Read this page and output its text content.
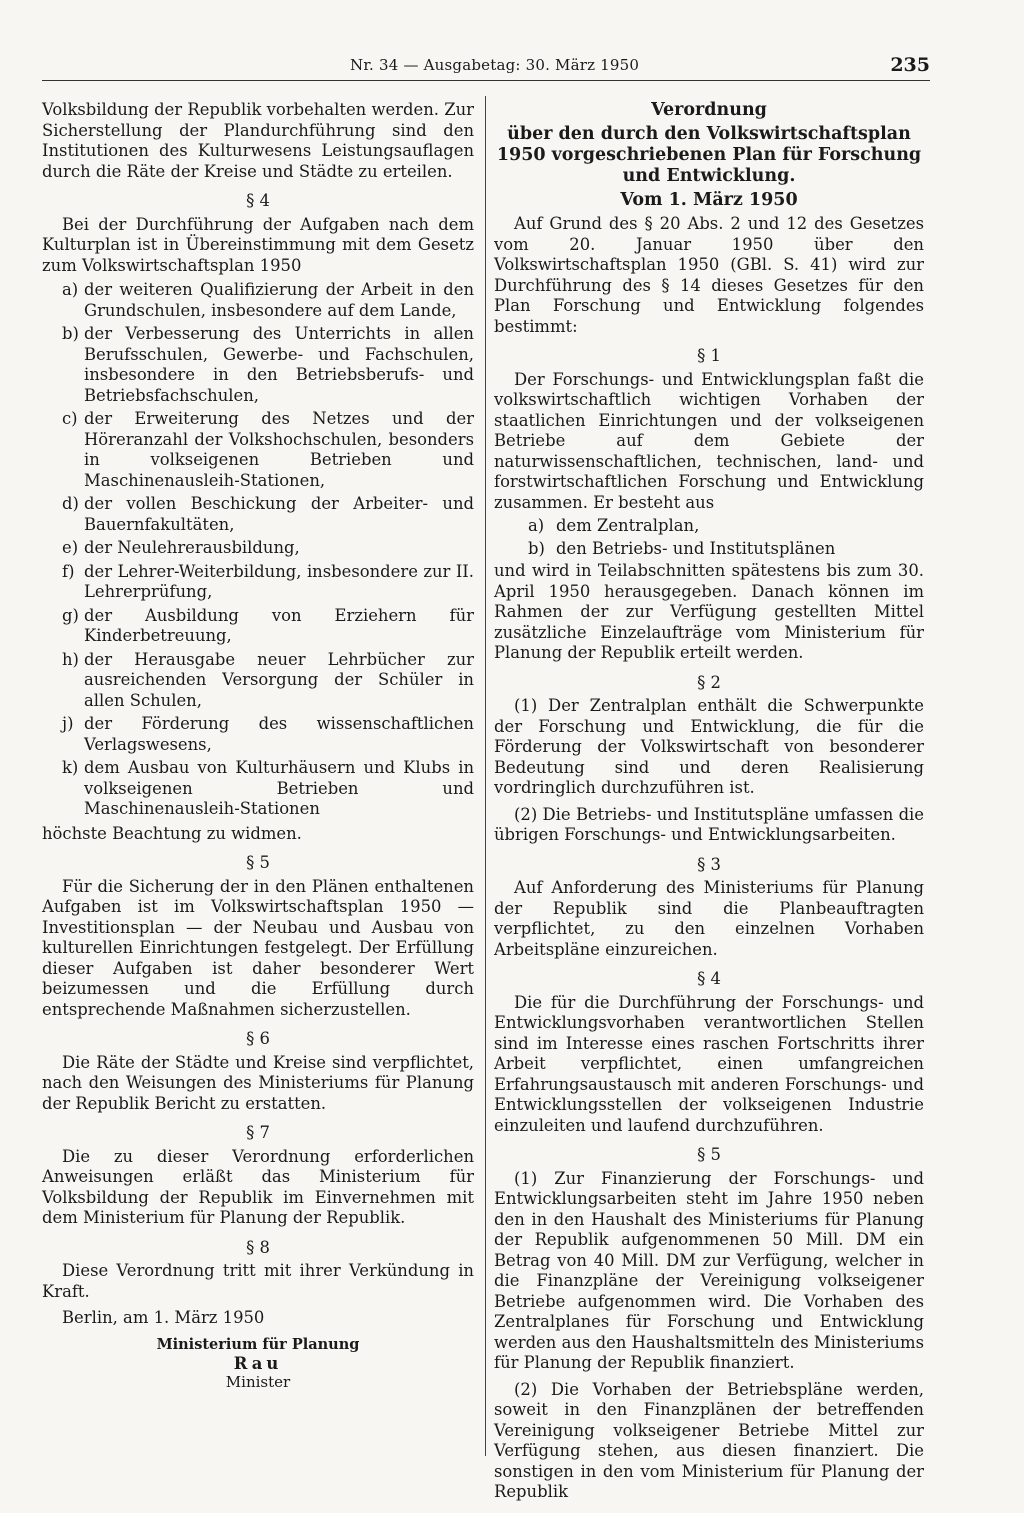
Nr. 34 — Ausgabetag: 30. März 1950	235

Volksbildung der Republik vorbehalten werden. Zur Sicherstellung der Plandurchführung sind den Institutionen des Kulturwesens Leistungsauflagen durch die Räte der Kreise und Städte zu erteilen.

§ 4

Bei der Durchführung der Aufgaben nach dem Kulturplan ist in Übereinstimmung mit dem Gesetz zum Volkswirtschaftsplan 1950

a) der weiteren Qualifizierung der Arbeit in den Grundschulen, insbesondere auf dem Lande,
b) der Verbesserung des Unterrichts in allen Berufsschulen, Gewerbe- und Fachschulen, insbesondere in den Betriebsberufs- und Betriebsfachschulen,
c) der Erweiterung des Netzes und der Höreranzahl der Volkshochschulen, besonders in volkseigenen Betrieben und Maschinenausleih-Stationen,
d) der vollen Beschickung der Arbeiter- und Bauernfakultäten,
e) der Neulehrerausbildung,
f) der Lehrer-Weiterbildung, insbesondere zur II. Lehrerprüfung,
g) der Ausbildung von Erziehern für Kinderbetreuung,
h) der Herausgabe neuer Lehrbücher zur ausreichenden Versorgung der Schüler in allen Schulen,
j) der Förderung des wissenschaftlichen Verlagswesens,
k) dem Ausbau von Kulturhäusern und Klubs in volkseigenen Betrieben und Maschinenausleih-Stationen

höchste Beachtung zu widmen.

§ 5

Für die Sicherung der in den Plänen enthaltenen Aufgaben ist im Volkswirtschaftsplan 1950 — Investitionsplan — der Neubau und Ausbau von kulturellen Einrichtungen festgelegt. Der Erfüllung dieser Aufgaben ist daher besonderer Wert beizumessen und die Erfüllung durch entsprechende Maßnahmen sicherzustellen.

§ 6

Die Räte der Städte und Kreise sind verpflichtet, nach den Weisungen des Ministeriums für Planung der Republik Bericht zu erstatten.

§ 7

Die zu dieser Verordnung erforderlichen Anweisungen erläßt das Ministerium für Volksbildung der Republik im Einvernehmen mit dem Ministerium für Planung der Republik.

§ 8

Diese Verordnung tritt mit ihrer Verkündung in Kraft.

Berlin, am 1. März 1950

Ministerium für Planung
Rau
Minister
Verordnung
über den durch den Volkswirtschaftsplan 1950 vorgeschriebenen Plan für Forschung und Entwicklung.
Vom 1. März 1950

Auf Grund des § 20 Abs. 2 und 12 des Gesetzes vom 20. Januar 1950 über den Volkswirtschaftsplan 1950 (GBl. S. 41) wird zur Durchführung des § 14 dieses Gesetzes für den Plan Forschung und Entwicklung folgendes bestimmt:

§ 1

Der Forschungs- und Entwicklungsplan faßt die volkswirtschaftlich wichtigen Vorhaben der staatlichen Einrichtungen und der volkseigenen Betriebe auf dem Gebiete der naturwissenschaftlichen, technischen, land- und forstwirtschaftlichen Forschung und Entwicklung zusammen. Er besteht aus

a) dem Zentralplan,
b) den Betriebs- und Institutsplänen

und wird in Teilabschnitten spätestens bis zum 30. April 1950 herausgegeben. Danach können im Rahmen der zur Verfügung gestellten Mittel zusätzliche Einzelaufträge vom Ministerium für Planung der Republik erteilt werden.

§ 2

(1) Der Zentralplan enthält die Schwerpunkte der Forschung und Entwicklung, die für die Förderung der Volkswirtschaft von besonderer Bedeutung sind und deren Realisierung vordringlich durchzuführen ist.

(2) Die Betriebs- und Institutspläne umfassen die übrigen Forschungs- und Entwicklungsarbeiten.

§ 3

Auf Anforderung des Ministeriums für Planung der Republik sind die Planbeauftragten verpflichtet, zu den einzelnen Vorhaben Arbeitspläne einzureichen.

§ 4

Die für die Durchführung der Forschungs- und Entwicklungsvorhaben verantwortlichen Stellen sind im Interesse eines raschen Fortschritts ihrer Arbeit verpflichtet, einen umfangreichen Erfahrungsaustausch mit anderen Forschungs- und Entwicklungsstellen der volkseigenen Industrie einzuleiten und laufend durchzuführen.

§ 5

(1) Zur Finanzierung der Forschungs- und Entwicklungsarbeiten steht im Jahre 1950 neben den in den Haushalt des Ministeriums für Planung der Republik aufgenommenen 50 Mill. DM ein Betrag von 40 Mill. DM zur Verfügung, welcher in die Finanzpläne der Vereinigung volkseigener Betriebe aufgenommen wird. Die Vorhaben des Zentralplanes für Forschung und Entwicklung werden aus den Haushaltsmitteln des Ministeriums für Planung der Republik finanziert.

(2) Die Vorhaben der Betriebspläne werden, soweit in den Finanzplänen der betreffenden Vereinigung volkseigener Betriebe Mittel zur Verfügung stehen, aus diesen finanziert. Die sonstigen in den vom Ministerium für Planung der Republik
